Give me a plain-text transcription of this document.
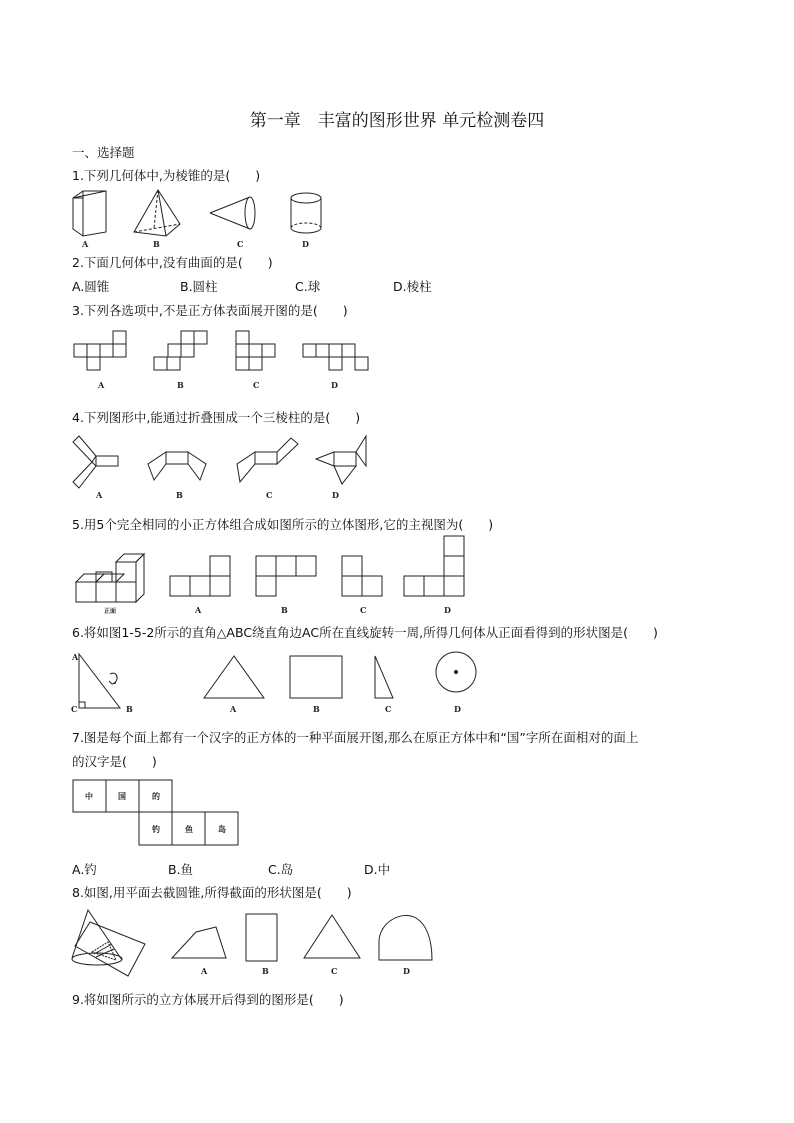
第一章　丰富的图形世界 单元检测卷四
一、选择题
1.下列几何体中,为棱锥的是(　　)
A	B	C	D
2.下面几何体中,没有曲面的是(　　)
A.圆锥	B.圆柱	C.球	D.棱柱
3.下列各选项中,不是正方体表面展开图的是(　　)
A	B	C	D
4.下列图形中,能通过折叠围成一个三棱柱的是(　　)
A	B	C	D
5.用5个完全相同的小正方体组合成如图所示的立体图形,它的主视图为(　　)
正面	A	B	C	D
6.将如图1-5-2所示的直角△ABC绕直角边AC所在直线旋转一周,所得几何体从正面看得到的形状图是(　　)
A
B
C	A	B	C	D
7.图是每个面上都有一个汉字的正方体的一种平面展开图,那么在原正方体中和“国”字所在面相对的面上
的汉字是(　　)
中	国	的
钓	鱼	岛
A.钓	B.鱼	C.岛	D.中
8.如图,用平面去截圆锥,所得截面的形状图是(　　)
A	B	C	D
9.将如图所示的立方体展开后得到的图形是(　　)
